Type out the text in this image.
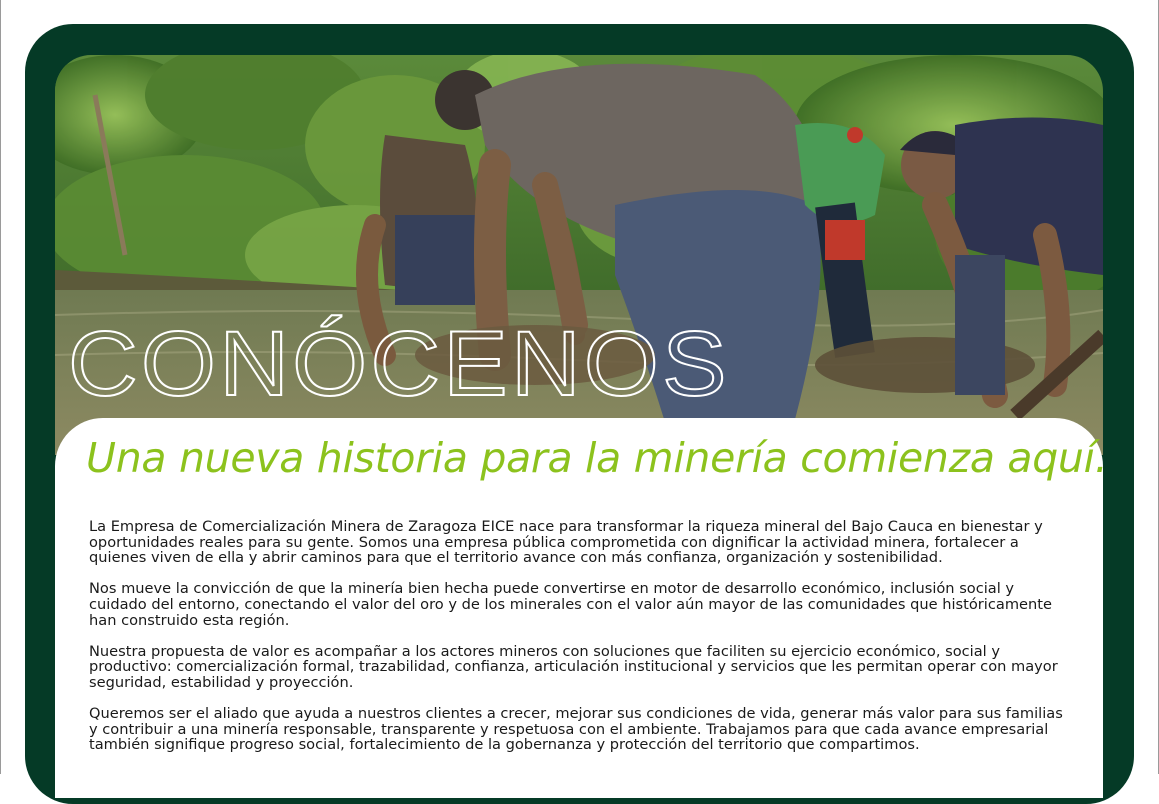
CONÓCENOS
Una nueva historia para la minería comienza aquí.

La Empresa de Comercialización Minera de Zaragoza EICE nace para transformar la riqueza mineral del Bajo Cauca en bienestar y oportunidades reales para su gente. Somos una empresa pública comprometida con dignificar la actividad minera, fortalecer a quienes viven de ella y abrir caminos para que el territorio avance con más confianza, organización y sostenibilidad.

Nos mueve la convicción de que la minería bien hecha puede convertirse en motor de desarrollo económico, inclusión social y cuidado del entorno, conectando el valor del oro y de los minerales con el valor aún mayor de las comunidades que históricamente han construido esta región.

Nuestra propuesta de valor es acompañar a los actores mineros con soluciones que faciliten su ejercicio económico, social y productivo: comercialización formal, trazabilidad, confianza, articulación institucional y servicios que les permitan operar con mayor seguridad, estabilidad y proyección.

Queremos ser el aliado que ayuda a nuestros clientes a crecer, mejorar sus condiciones de vida, generar más valor para sus familias y contribuir a una minería responsable, transparente y respetuosa con el ambiente. Trabajamos para que cada avance empresarial también signifique progreso social, fortalecimiento de la gobernanza y protección del territorio que compartimos.
